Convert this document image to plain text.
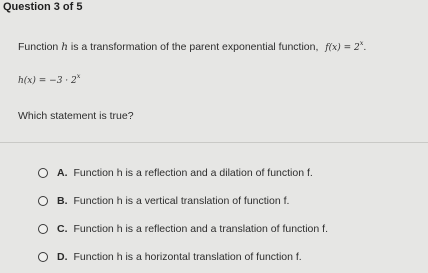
Question 3 of 5
Function h is a transformation of the parent exponential function, $f(x) = 2^x$.
$h(x) = -3 \cdot 2^x$
Which statement is true?
A. Function h is a reflection and a dilation of function f.
B. Function h is a vertical translation of function f.
C. Function h is a reflection and a translation of function f.
D. Function h is a horizontal translation of function f.
